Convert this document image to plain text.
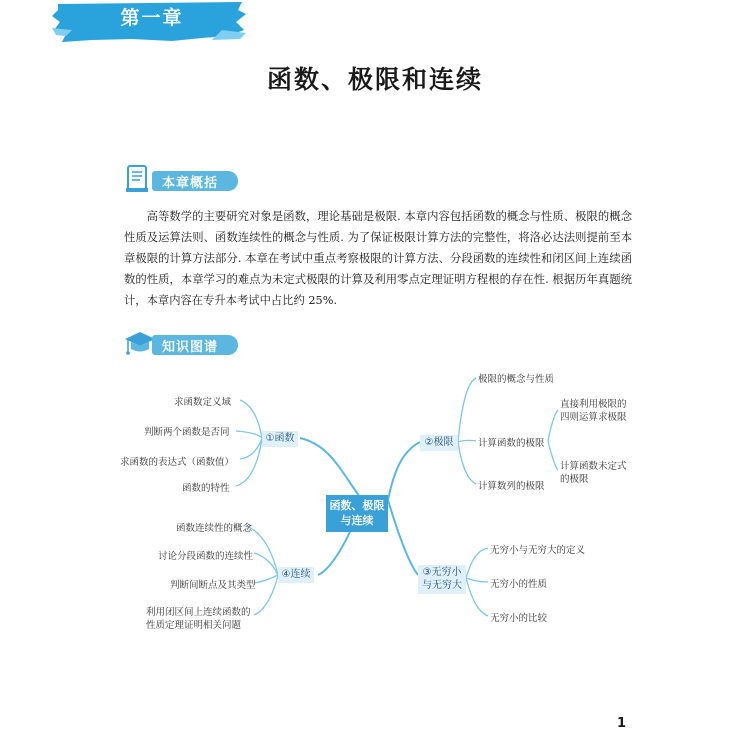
第一章
函数、极限和连续
本章概括

高等数学的主要研究对象是函数，理论基础是极限. 本章内容包括函数的概念与性质、极限的概念性质及运算法则、函数连续性的概念与性质. 为了保证极限计算方法的完整性，将洛必达法则提前至本章极限的计算方法部分. 本章在考试中重点考察极限的计算方法、分段函数的连续性和闭区间上连续函数的性质，本章学习的难点为未定式极限的计算及利用零点定理证明方程根的存在性. 根据历年真题统计，本章内容在专升本考试中占比约 25%.

知识图谱
函数、极限与连续
①函数
求函数定义域
判断两个函数是否同
求函数的表达式（函数值）
函数的特性
④连续
函数连续性的概念
讨论分段函数的连续性
判断间断点及其类型
利用闭区间上连续函数的性质定理证明相关问题
②极限
极限的概念与性质
计算函数的极限
计算数列的极限
直接利用极限的四则运算求极限
计算函数未定式的极限
③无穷小与无穷大
无穷小与无穷大的定义
无穷小的性质
无穷小的比较
1
